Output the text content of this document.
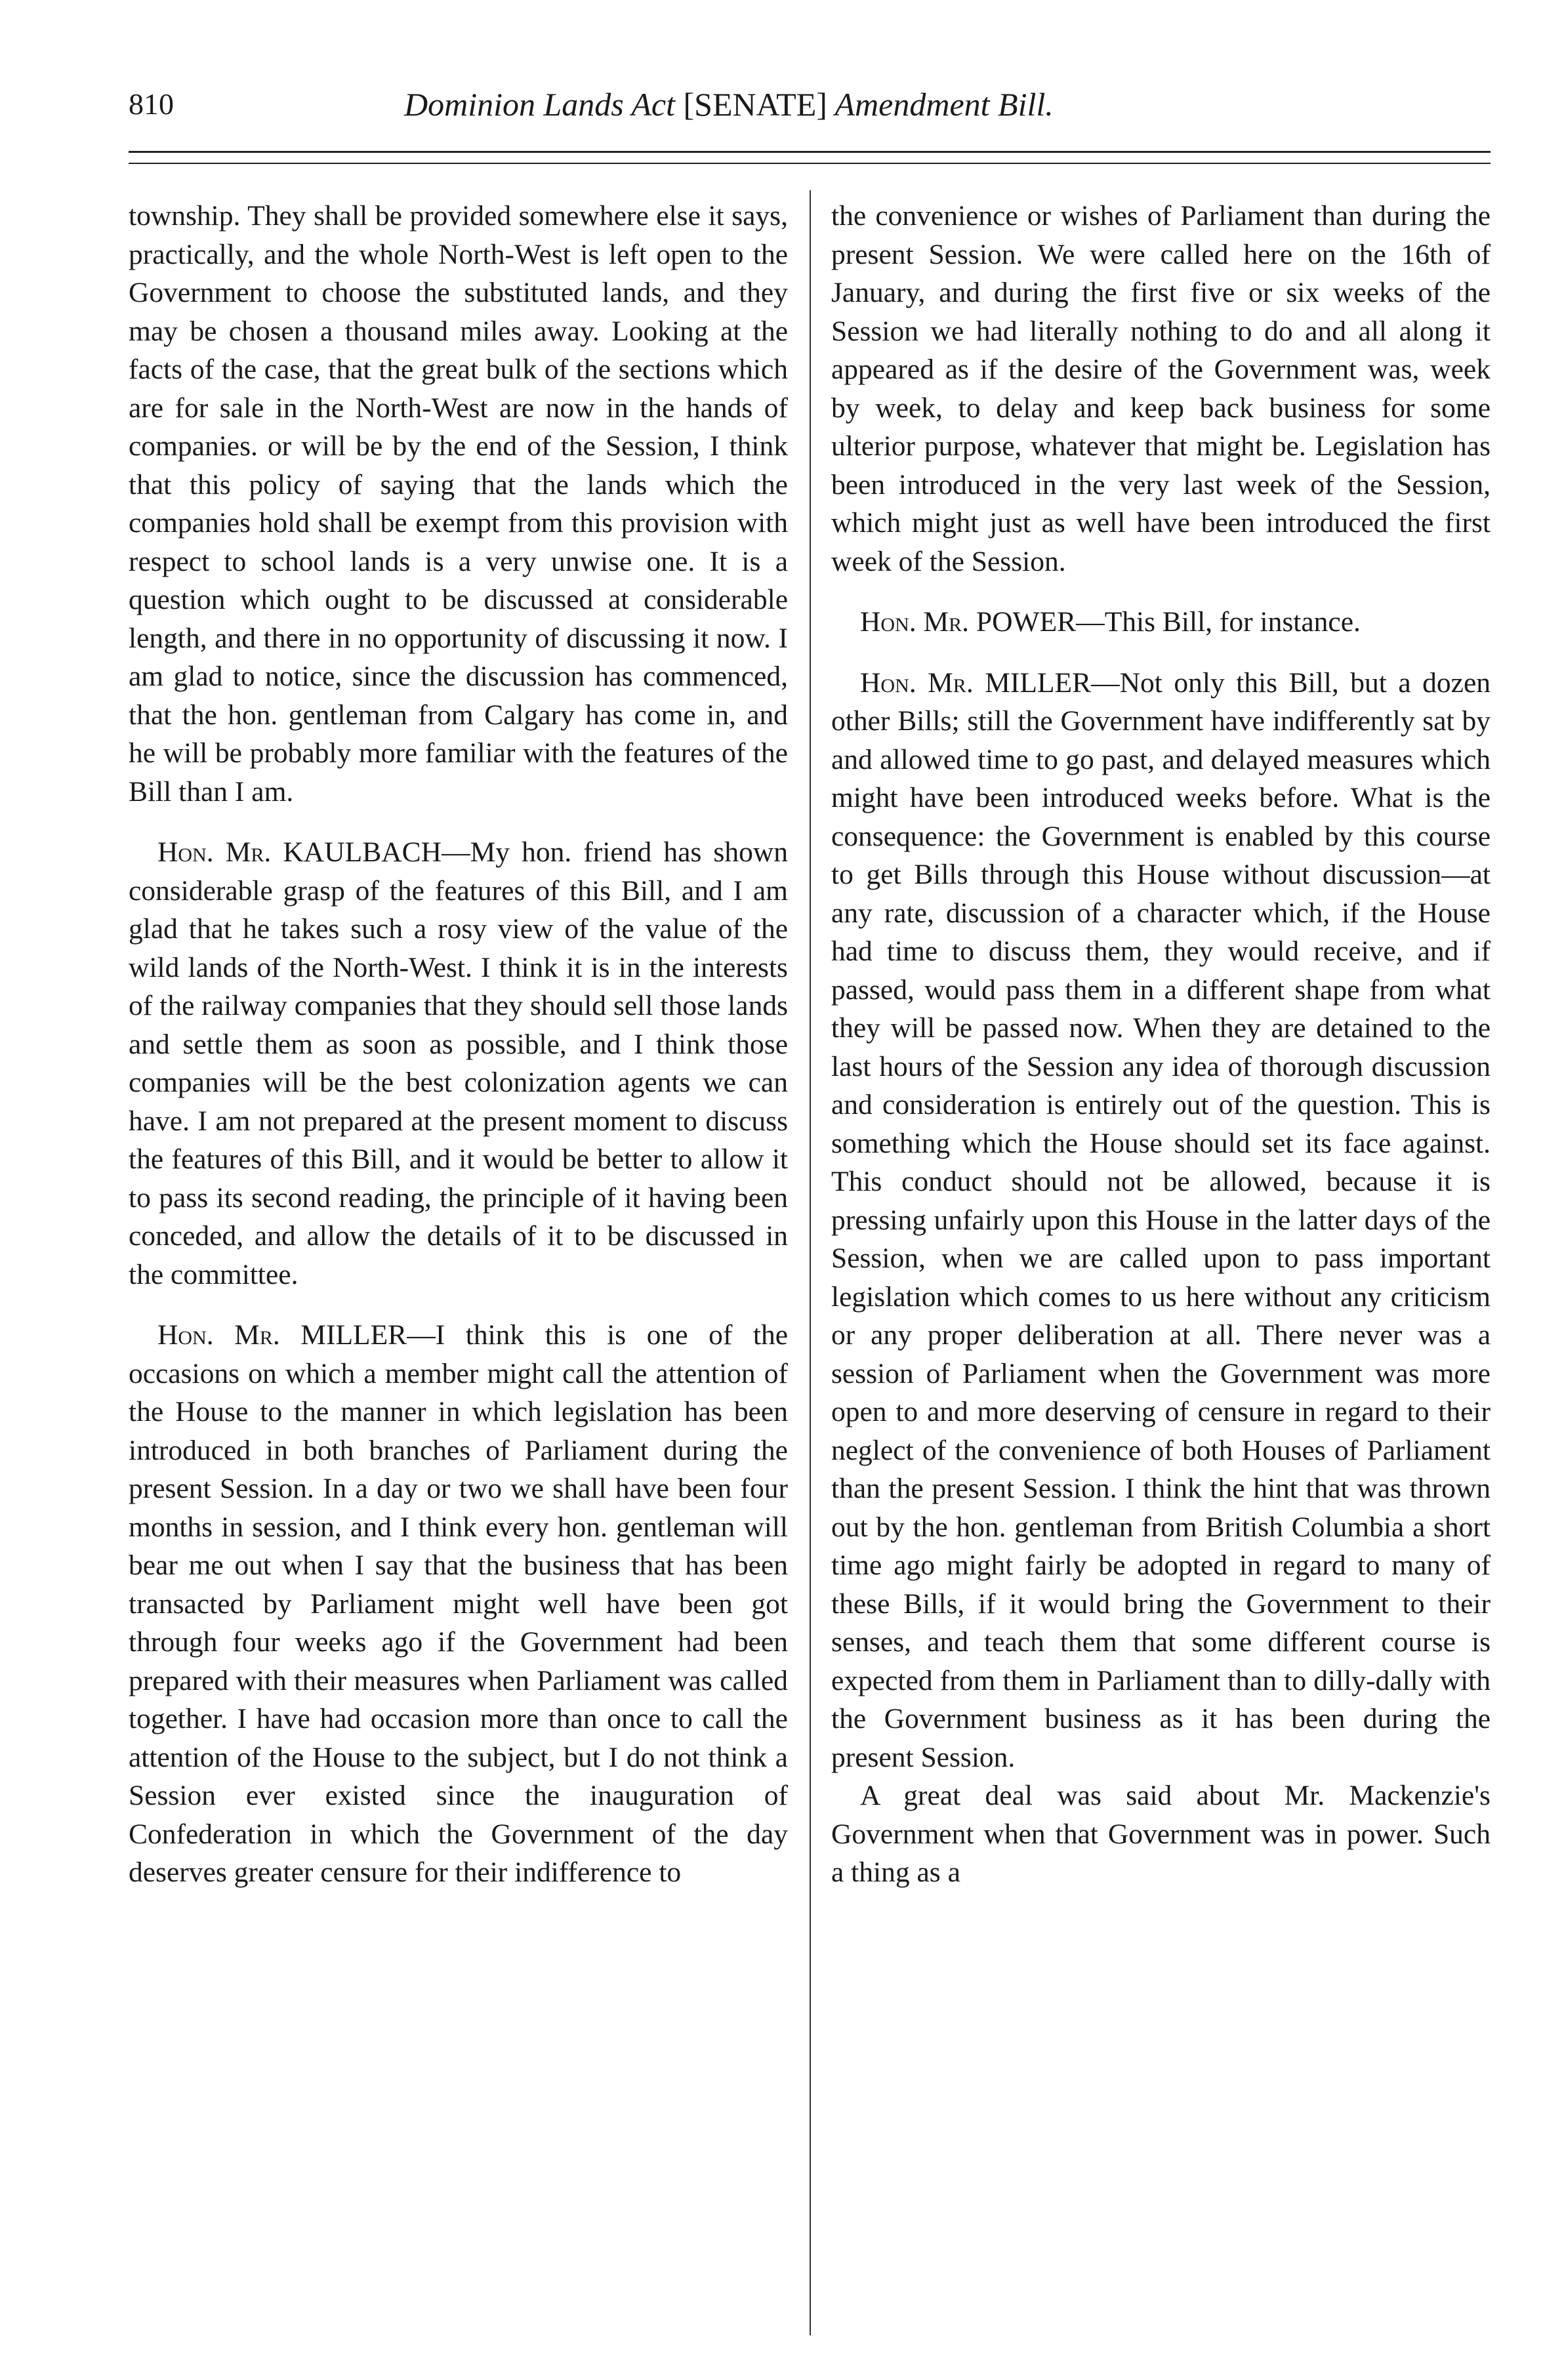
810	Dominion Lands Act [SENATE] Amendment Bill.

township. They shall be provided somewhere else it says, practically, and the whole North-West is left open to the Government to choose the substituted lands, and they may be chosen a thousand miles away. Looking at the facts of the case, that the great bulk of the sections which are for sale in the North-West are now in the hands of companies. or will be by the end of the Session, I think that this policy of saying that the lands which the companies hold shall be exempt from this provision with respect to school lands is a very unwise one. It is a question which ought to be discussed at considerable length, and there in no opportunity of discussing it now. I am glad to notice, since the discussion has commenced, that the hon. gentleman from Calgary has come in, and he will be probably more familiar with the features of the Bill than I am.

Hon. Mr. KAULBACH—My hon. friend has shown considerable grasp of the features of this Bill, and I am glad that he takes such a rosy view of the value of the wild lands of the North-West. I think it is in the interests of the railway companies that they should sell those lands and settle them as soon as possible, and I think those companies will be the best colonization agents we can have. I am not prepared at the present moment to discuss the features of this Bill, and it would be better to allow it to pass its second reading, the principle of it having been conceded, and allow the details of it to be discussed in the committee.

Hon. Mr. MILLER—I think this is one of the occasions on which a member might call the attention of the House to the manner in which legislation has been introduced in both branches of Parliament during the present Session. In a day or two we shall have been four months in session, and I think every hon. gentleman will bear me out when I say that the business that has been transacted by Parliament might well have been got through four weeks ago if the Government had been prepared with their measures when Parliament was called together. I have had occasion more than once to call the attention of the House to the subject, but I do not think a Session ever existed since the inauguration of Confederation in which the Government of the day deserves greater censure for their indifference to

the convenience or wishes of Parliament than during the present Session. We were called here on the 16th of January, and during the first five or six weeks of the Session we had literally nothing to do and all along it appeared as if the desire of the Government was, week by week, to delay and keep back business for some ulterior purpose, whatever that might be. Legislation has been introduced in the very last week of the Session, which might just as well have been introduced the first week of the Session.

Hon. Mr. POWER—This Bill, for instance.

Hon. Mr. MILLER—Not only this Bill, but a dozen other Bills; still the Government have indifferently sat by and allowed time to go past, and delayed measures which might have been introduced weeks before. What is the consequence: the Government is enabled by this course to get Bills through this House without discussion—at any rate, discussion of a character which, if the House had time to discuss them, they would receive, and if passed, would pass them in a different shape from what they will be passed now. When they are detained to the last hours of the Session any idea of thorough discussion and consideration is entirely out of the question. This is something which the House should set its face against. This conduct should not be allowed, because it is pressing unfairly upon this House in the latter days of the Session, when we are called upon to pass important legislation which comes to us here without any criticism or any proper deliberation at all. There never was a session of Parliament when the Government was more open to and more deserving of censure in regard to their neglect of the convenience of both Houses of Parliament than the present Session. I think the hint that was thrown out by the hon. gentleman from British Columbia a short time ago might fairly be adopted in regard to many of these Bills, if it would bring the Government to their senses, and teach them that some different course is expected from them in Parliament than to dilly-dally with the Government business as it has been during the present Session.

A great deal was said about Mr. Mackenzie's Government when that Government was in power. Such a thing as a
